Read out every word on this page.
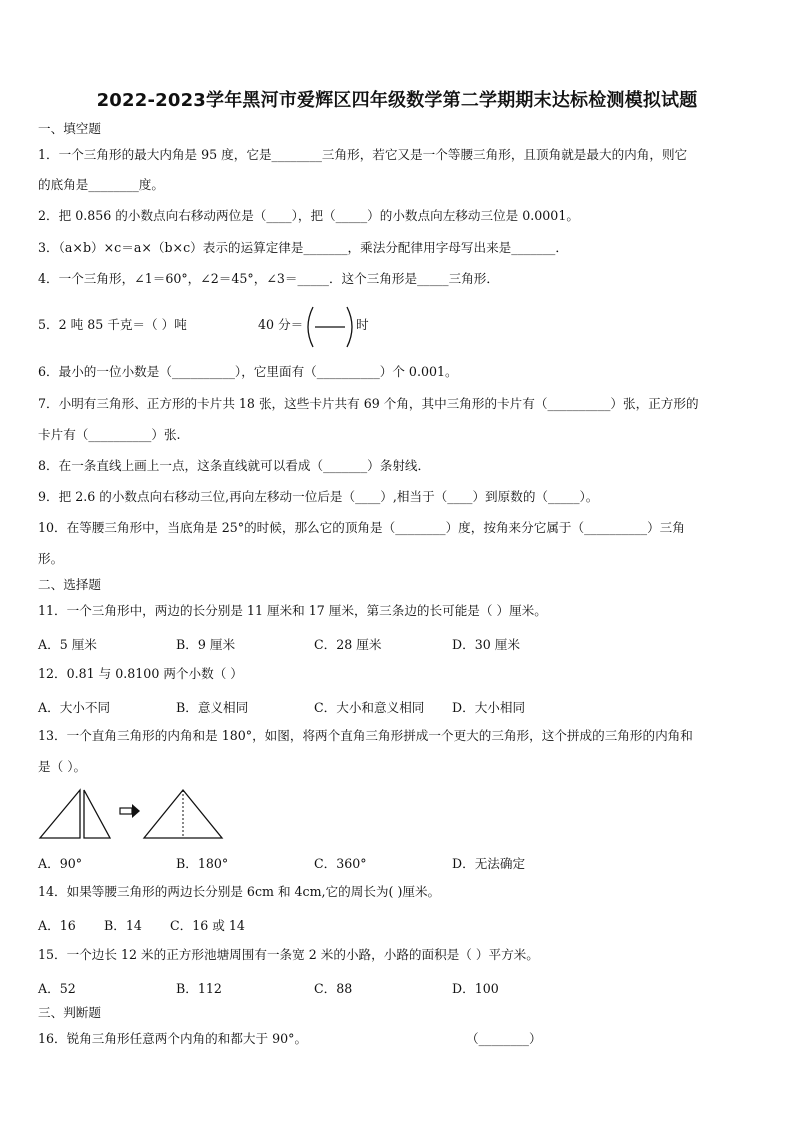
2022-2023学年黑河市爱辉区四年级数学第二学期期末达标检测模拟试题
一、填空题
1．一个三角形的最大内角是 95 度，它是________三角形，若它又是一个等腰三角形，且顶角就是最大的内角，则它
的底角是________度。
2．把 0.856 的小数点向右移动两位是（____），把（_____）的小数点向左移动三位是 0.0001。
3．（a×b）×c＝a×（b×c）表示的运算定律是_______，乘法分配律用字母写出来是_______．
4．一个三角形，∠1＝60°，∠2＝45°，∠3＝_____．这个三角形是_____三角形．
5．2 吨 85 千克＝（ ）吨	40 分＝	时
6．最小的一位小数是（__________），它里面有（__________）个 0.001。
7．小明有三角形、正方形的卡片共 18 张，这些卡片共有 69 个角，其中三角形的卡片有（__________）张，正方形的
卡片有（__________）张.
8．在一条直线上画上一点，这条直线就可以看成（_______）条射线．
9．把 2.6 的小数点向右移动三位,再向左移动一位后是（____）,相当于（____）到原数的（_____）。
10．在等腰三角形中，当底角是 25°的时候，那么它的顶角是（________）度，按角来分它属于（__________）三角
形。
二、选择题
11．一个三角形中，两边的长分别是 11 厘米和 17 厘米，第三条边的长可能是（ ）厘米。
A．5 厘米	B．9 厘米	C．28 厘米	D．30 厘米
12．0.81 与 0.8100 两个小数（ ）
A．大小不同	B．意义相同	C．大小和意义相同 D．大小相同
13．一个直角三角形的内角和是 180°，如图，将两个直角三角形拼成一个更大的三角形，这个拼成的三角形的内角和
是（ ）。
A．90°	B．180°	C．360°	D．无法确定
14．如果等腰三角形的两边长分别是 6cm 和 4cm,它的周长为( )厘米。
A．16 B．14 C．16 或 14
15．一个边长 12 米的正方形池塘周围有一条宽 2 米的小路，小路的面积是（ ）平方米。
A．52	B．112	C．88	D．100
三、判断题
16．锐角三角形任意两个内角的和都大于 90°。	（________）
